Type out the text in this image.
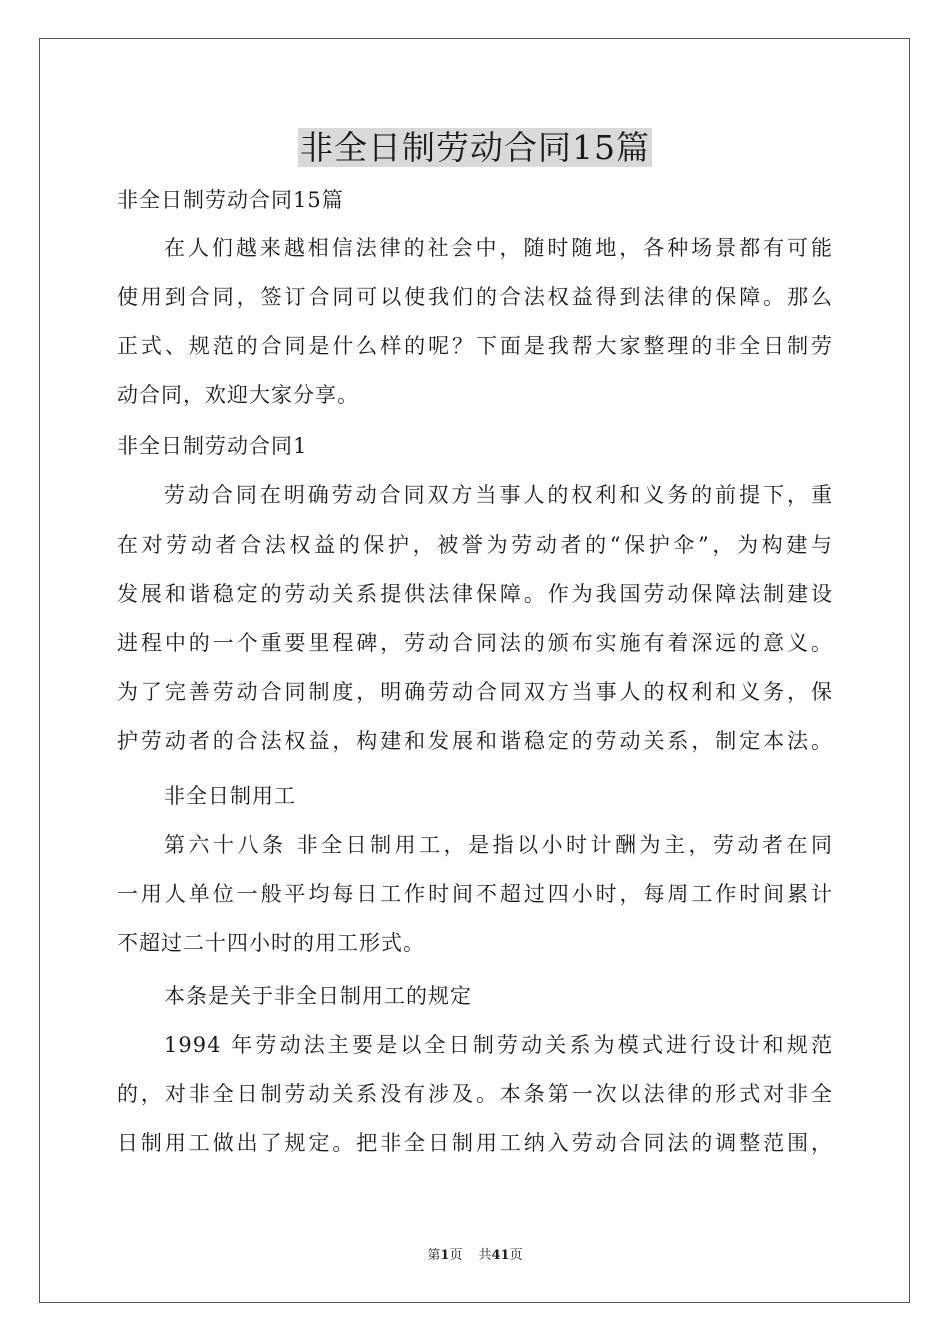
非全日制劳动合同15篇
非全日制劳动合同15篇
在人们越来越相信法律的社会中，随时随地，各种场景都有可能
使用到合同，签订合同可以使我们的合法权益得到法律的保障。那么
正式、规范的合同是什么样的呢？下面是我帮大家整理的非全日制劳
动合同，欢迎大家分享。
非全日制劳动合同1
劳动合同在明确劳动合同双方当事人的权利和义务的前提下，重
在对劳动者合法权益的保护，被誉为劳动者的“保护伞”，为构建与
发展和谐稳定的劳动关系提供法律保障。作为我国劳动保障法制建设
进程中的一个重要里程碑，劳动合同法的颁布实施有着深远的意义。
为了完善劳动合同制度，明确劳动合同双方当事人的权利和义务，保
护劳动者的合法权益，构建和发展和谐稳定的劳动关系，制定本法。
非全日制用工
第六十八条 非全日制用工，是指以小时计酬为主，劳动者在同
一用人单位一般平均每日工作时间不超过四小时，每周工作时间累计
不超过二十四小时的用工形式。
本条是关于非全日制用工的规定
1994 年劳动法主要是以全日制劳动关系为模式进行设计和规范
的，对非全日制劳动关系没有涉及。本条第一次以法律的形式对非全
日制用工做出了规定。把非全日制用工纳入劳动合同法的调整范围，
第1页 共41页
